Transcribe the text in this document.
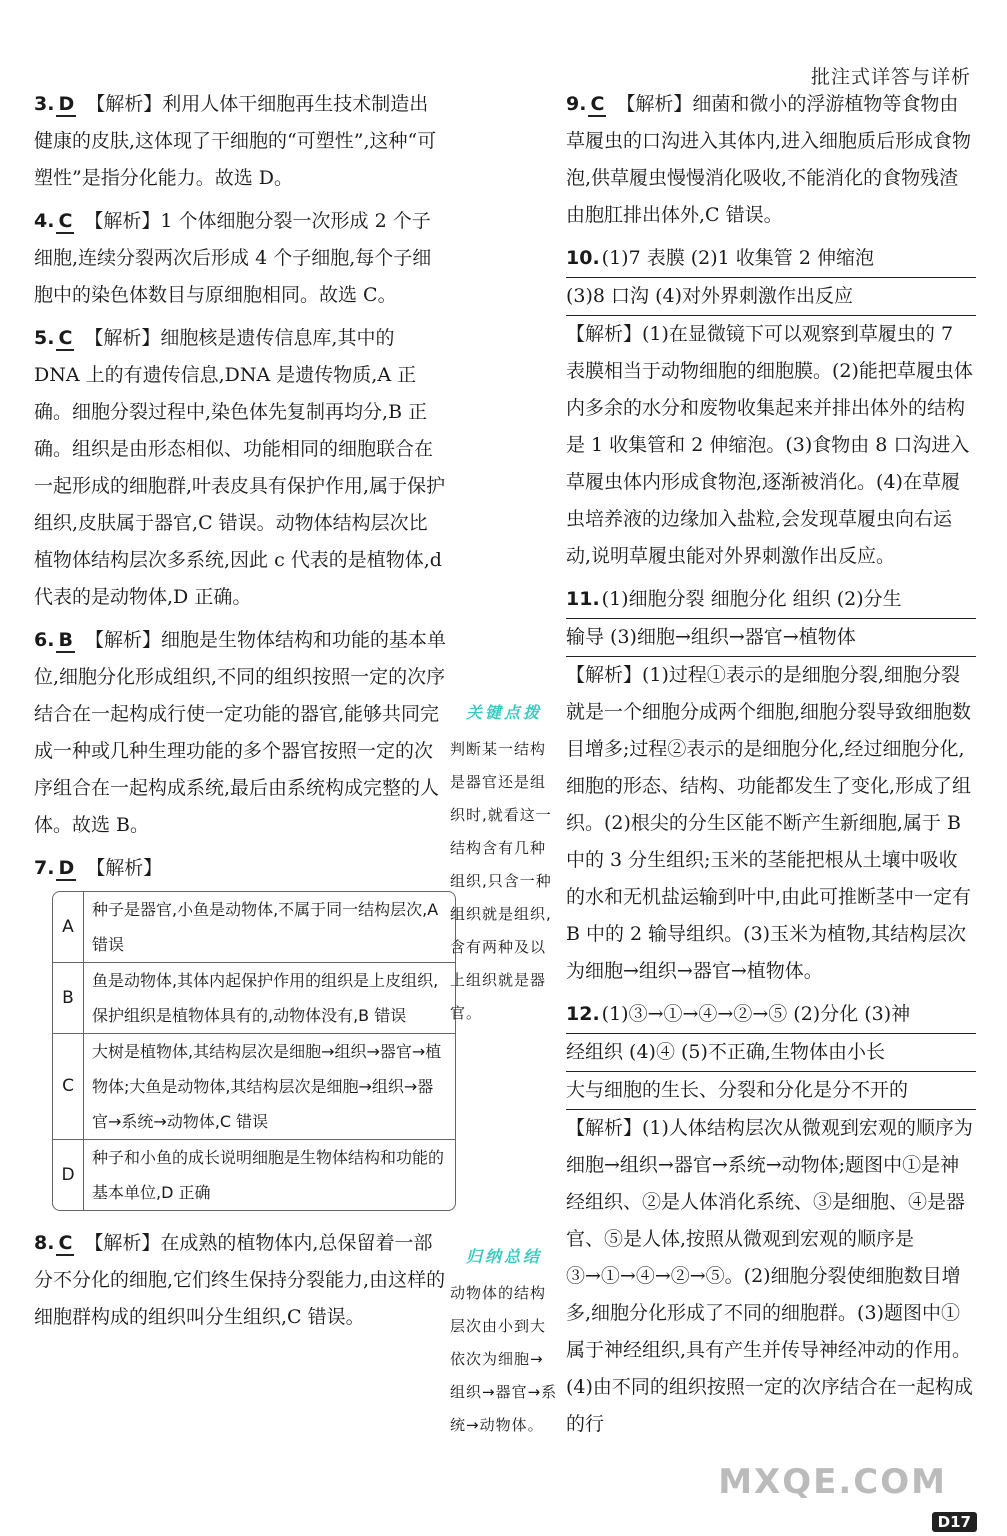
批注式详答与详析

3. D 【解析】利用人体干细胞再生技术制造出健康的皮肤,这体现了干细胞的“可塑性”,这种“可塑性”是指分化能力。故选 D。

4. C 【解析】1 个体细胞分裂一次形成 2 个子细胞,连续分裂两次后形成 4 个子细胞,每个子细胞中的染色体数目与原细胞相同。故选 C。

5. C 【解析】细胞核是遗传信息库,其中的 DNA 上的有遗传信息,DNA 是遗传物质,A 正确。细胞分裂过程中,染色体先复制再均分,B 正确。组织是由形态相似、功能相同的细胞联合在一起形成的细胞群,叶表皮具有保护作用,属于保护组织,皮肤属于器官,C 错误。动物体结构层次比植物体结构层次多系统,因此 c 代表的是植物体,d 代表的是动物体,D 正确。

6. B 【解析】细胞是生物体结构和功能的基本单位,细胞分化形成组织,不同的组织按照一定的次序结合在一起构成行使一定功能的器官,能够共同完成一种或几种生理功能的多个器官按照一定的次序组合在一起构成系统,最后由系统构成完整的人体。故选 B。

7. D 【解析】

A
种子是器官,小鱼是动物体,不属于同一结构层次,A 错误
B
鱼是动物体,其体内起保护作用的组织是上皮组织,保护组织是植物体具有的,动物体没有,B 错误
C
大树是植物体,其结构层次是细胞→组织→器官→植物体;大鱼是动物体,其结构层次是细胞→组织→器官→系统→动物体,C 错误
D
种子和小鱼的成长说明细胞是生物体结构和功能的基本单位,D 正确

8. C 【解析】在成熟的植物体内,总保留着一部分不分化的细胞,它们终生保持分裂能力,由这样的细胞群构成的组织叫分生组织,C 错误。

关键点拨
判断某一结构是器官还是组织时,就看这一结构含有几种组织,只含一种组织就是组织,含有两种及以上组织就是器官。
归纳总结
动物体的结构层次由小到大依次为细胞→组织→器官→系统→动物体。

9. C 【解析】细菌和微小的浮游植物等食物由草履虫的口沟进入其体内,进入细胞质后形成食物泡,供草履虫慢慢消化吸收,不能消化的食物残渣由胞肛排出体外,C 错误。

10. (1)7 表膜 (2)1 收集管 2 伸缩泡
(3)8 口沟 (4)对外界刺激作出反应

【解析】(1)在显微镜下可以观察到草履虫的 7 表膜相当于动物细胞的细胞膜。(2)能把草履虫体内多余的水分和废物收集起来并排出体外的结构是 1 收集管和 2 伸缩泡。(3)食物由 8 口沟进入草履虫体内形成食物泡,逐渐被消化。(4)在草履虫培养液的边缘加入盐粒,会发现草履虫向右运动,说明草履虫能对外界刺激作出反应。

11. (1)细胞分裂 细胞分化 组织 (2)分生
输导 (3)细胞→组织→器官→植物体

【解析】(1)过程①表示的是细胞分裂,细胞分裂就是一个细胞分成两个细胞,细胞分裂导致细胞数目增多;过程②表示的是细胞分化,经过细胞分化,细胞的形态、结构、功能都发生了变化,形成了组织。(2)根尖的分生区能不断产生新细胞,属于 B 中的 3 分生组织;玉米的茎能把根从土壤中吸收的水和无机盐运输到叶中,由此可推断茎中一定有 B 中的 2 输导组织。(3)玉米为植物,其结构层次为细胞→组织→器官→植物体。

12. (1)③→①→④→②→⑤ (2)分化 (3)神
经组织 (4)④ (5)不正确,生物体由小长
大与细胞的生长、分裂和分化是分不开的

【解析】(1)人体结构层次从微观到宏观的顺序为细胞→组织→器官→系统→动物体;题图中①是神经组织、②是人体消化系统、③是细胞、④是器官、⑤是人体,按照从微观到宏观的顺序是③→①→④→②→⑤。(2)细胞分裂使细胞数目增多,细胞分化形成了不同的细胞群。(3)题图中①属于神经组织,具有产生并传导神经冲动的作用。(4)由不同的组织按照一定的次序结合在一起构成的行

MXQE.COM
D17
